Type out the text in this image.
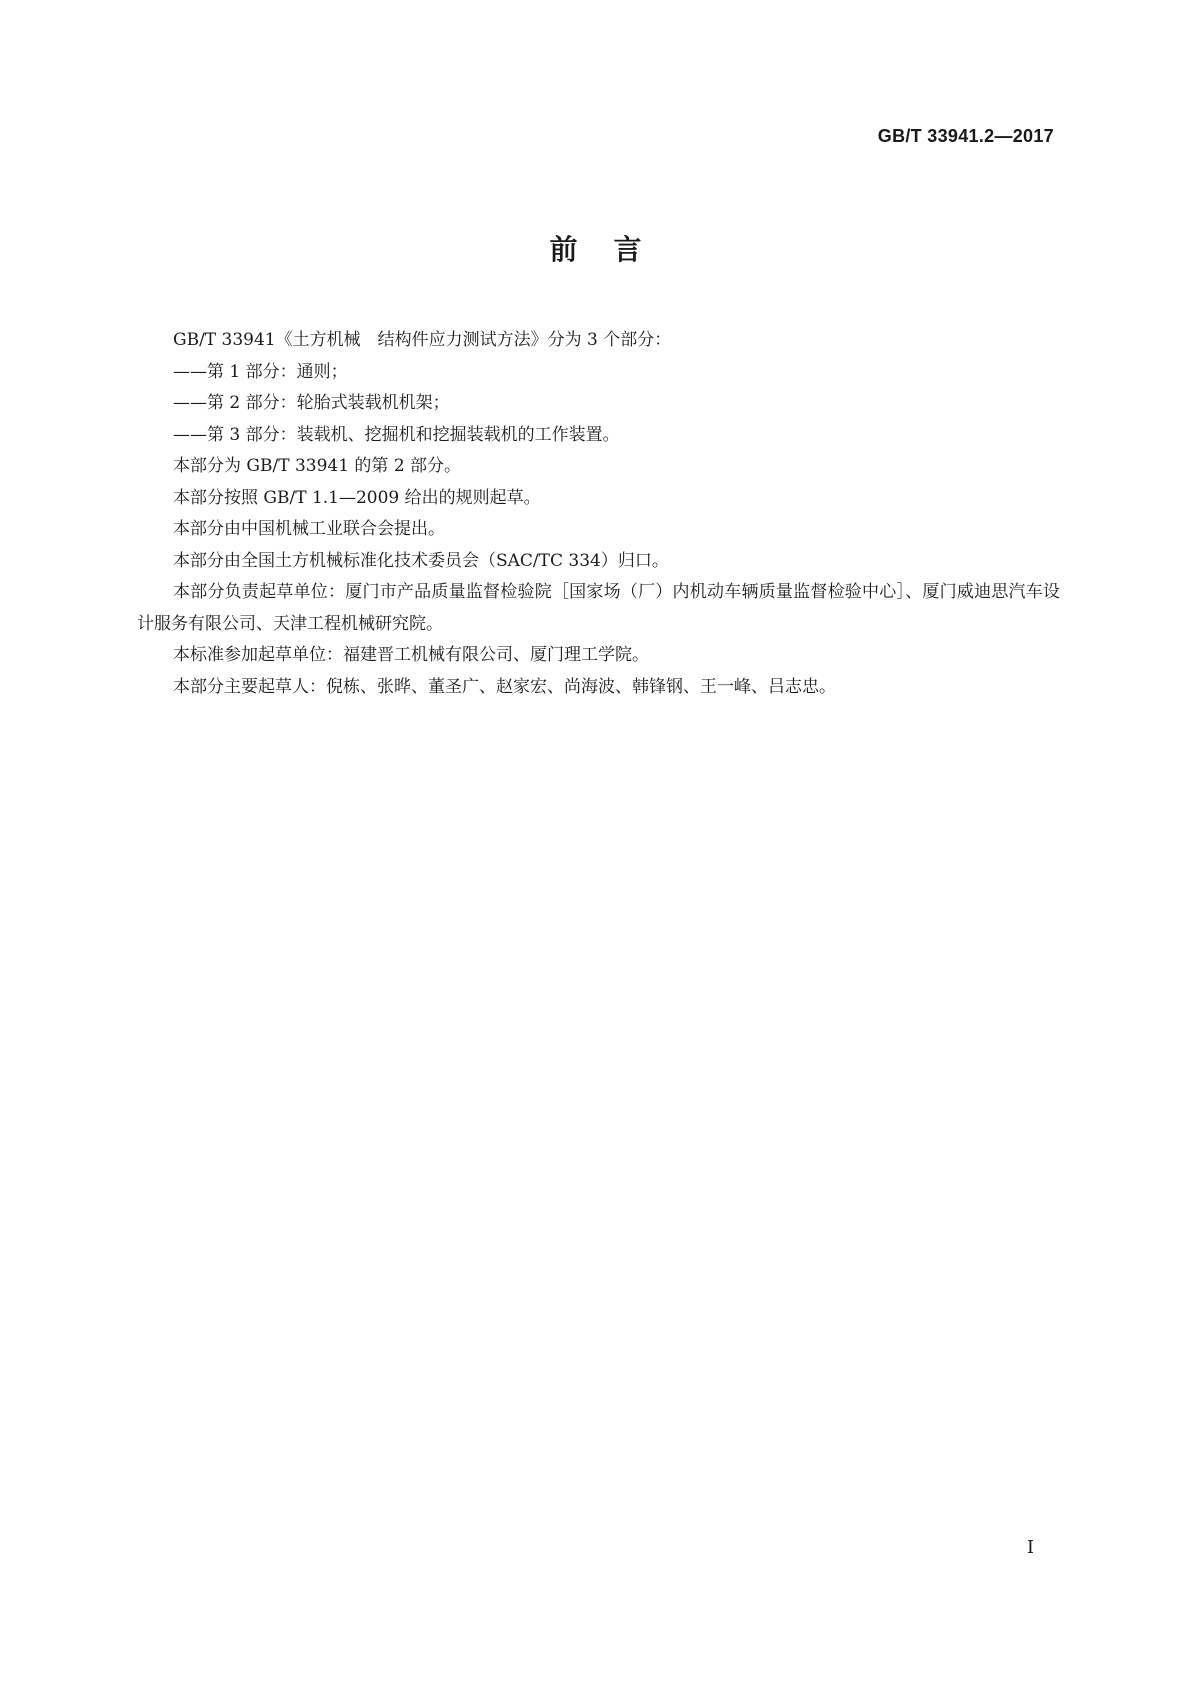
GB/T 33941.2—2017
前言

GB/T 33941《土方机械　结构件应力测试方法》分为 3 个部分：

——第 1 部分：通则；

——第 2 部分：轮胎式装载机机架；

——第 3 部分：装载机、挖掘机和挖掘装载机的工作装置。

本部分为 GB/T 33941 的第 2 部分。

本部分按照 GB/T 1.1—2009 给出的规则起草。

本部分由中国机械工业联合会提出。

本部分由全国土方机械标准化技术委员会（SAC/TC 334）归口。

本部分负责起草单位：厦门市产品质量监督检验院［国家场（厂）内机动车辆质量监督检验中心］、厦门威迪思汽车设计服务有限公司、天津工程机械研究院。

本标准参加起草单位：福建晋工机械有限公司、厦门理工学院。

本部分主要起草人：倪栋、张晔、董圣广、赵家宏、尚海波、韩锋钢、王一峰、吕志忠。

I
